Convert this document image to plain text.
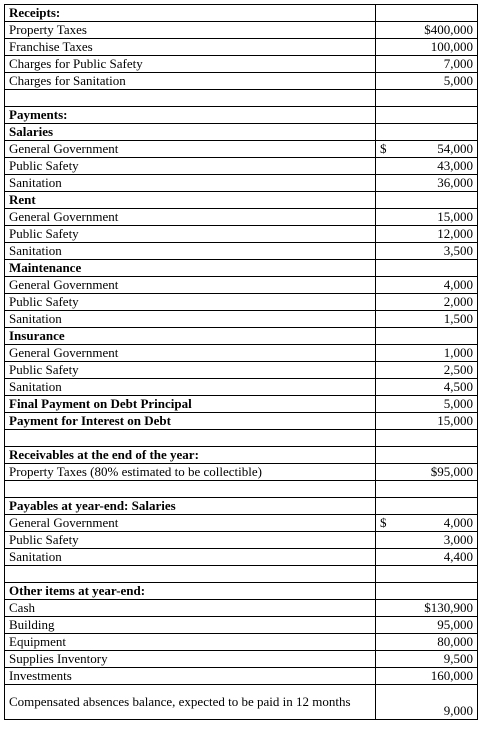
Receipts:	
Property Taxes	$400,000
Franchise Taxes	100,000
Charges for Public Safety	7,000
Charges for Sanitation	5,000

Payments:	
Salaries	
General Government	$ 54,000

Public Safety	43,000
Sanitation	36,000
Rent	
General Government	15,000
Public Safety	12,000
Sanitation	3,500
Maintenance	
General Government	4,000
Public Safety	2,000
Sanitation	1,500
Insurance	
General Government	1,000
Public Safety	2,500
Sanitation	4,500
Final Payment on Debt Principal	5,000
Payment for Interest on Debt	15,000

Receivables at the end of the year:	
Property Taxes (80% estimated to be collectible)	$95,000

Payables at year-end: Salaries	
General Government	$ 4,000

Public Safety	3,000
Sanitation	4,400

Other items at year-end:	
Cash	$130,900
Building	95,000
Equipment	80,000
Supplies Inventory	9,500
Investments	160,000
Compensated absences balance, expected to be paid in 12 months	9,000
